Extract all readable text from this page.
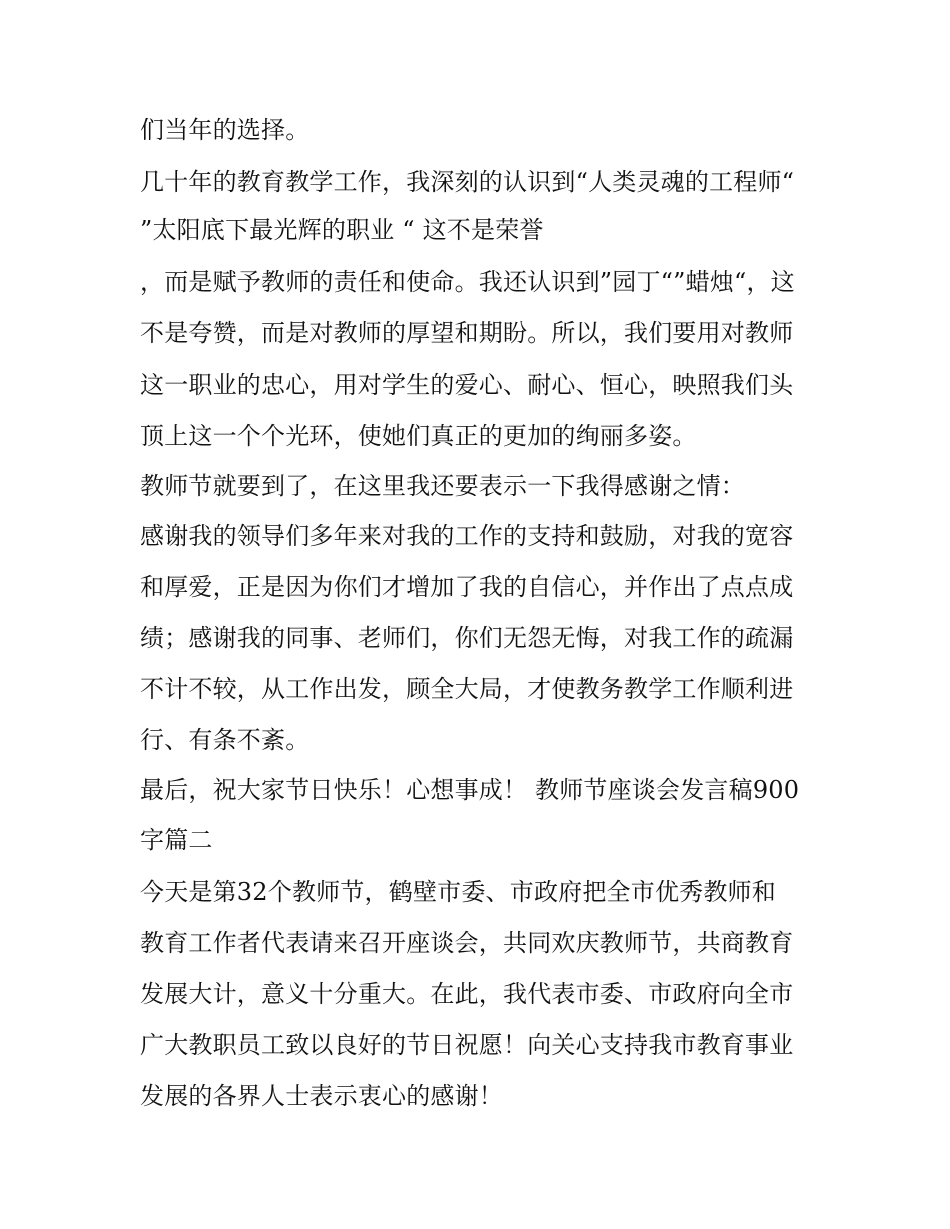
们当年的选择。
几十年的教育教学工作，我深刻的认识到“人类灵魂的工程师“
”太阳底下最光辉的职业 “ 这不是荣誉
，而是赋予教师的责任和使命。我还认识到”园丁“”蜡烛“，这
不是夸赞，而是对教师的厚望和期盼。所以，我们要用对教师
这一职业的忠心，用对学生的爱心、耐心、恒心，映照我们头
顶上这一个个光环，使她们真正的更加的绚丽多姿。
教师节就要到了，在这里我还要表示一下我得感谢之情：
感谢我的领导们多年来对我的工作的支持和鼓励，对我的宽容
和厚爱，正是因为你们才增加了我的自信心，并作出了点点成
绩；感谢我的同事、老师们，你们无怨无悔，对我工作的疏漏
不计不较，从工作出发，顾全大局，才使教务教学工作顺利进
行、有条不紊。
最后，祝大家节日快乐！心想事成！ 教师节座谈会发言稿900
字篇二
今天是第32个教师节，鹤壁市委、市政府把全市优秀教师和
教育工作者代表请来召开座谈会，共同欢庆教师节，共商教育
发展大计，意义十分重大。在此，我代表市委、市政府向全市
广大教职员工致以良好的节日祝愿！向关心支持我市教育事业
发展的各界人士表示衷心的感谢！
